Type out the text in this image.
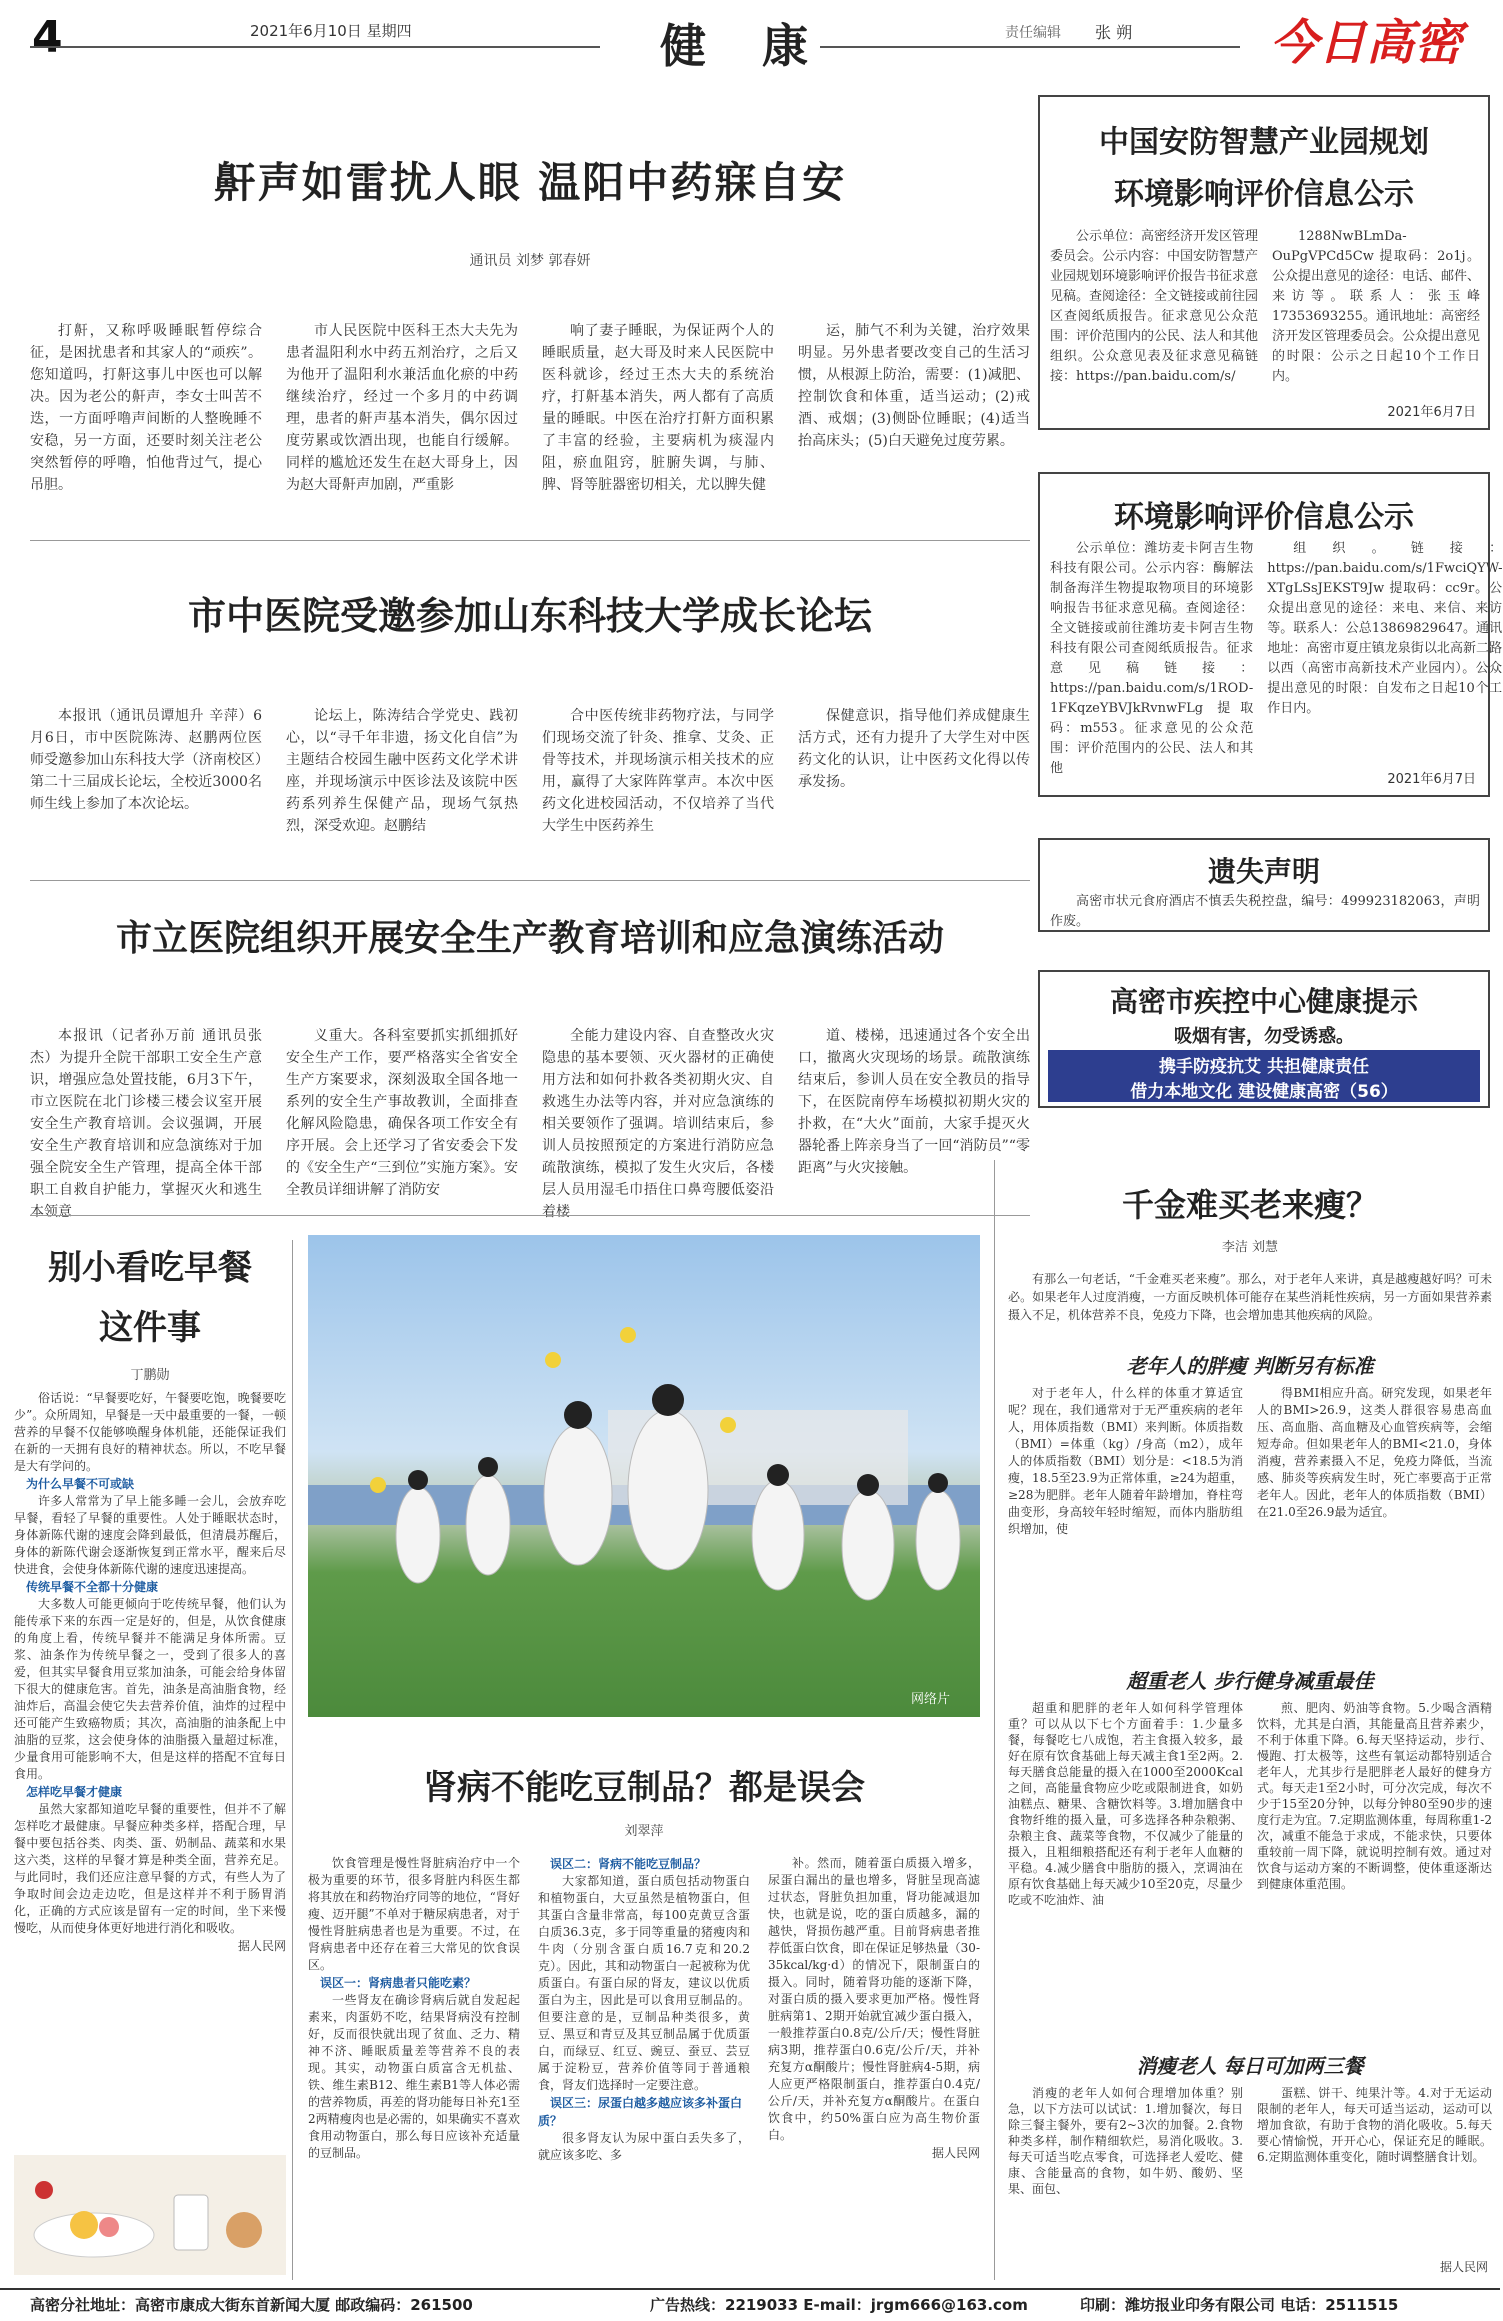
4	2021年6月10日 星期四	健 康	责任编辑 张 朔	今日高密
鼾声如雷扰人眼 温阳中药寐自安
通讯员 刘梦 郭春妍

打鼾，又称呼吸睡眠暂停综合征，是困扰患者和其家人的“顽疾”。您知道吗，打鼾这事儿中医也可以解决。因为老公的鼾声，李女士叫苦不迭，一方面呼噜声间断的人整晚睡不安稳，另一方面，还要时刻关注老公突然暂停的呼噜，怕他背过气，提心吊胆。

市人民医院中医科王杰大夫先为患者温阳利水中药五剂治疗，之后又为他开了温阳利水兼活血化瘀的中药继续治疗，经过一个多月的中药调理，患者的鼾声基本消失，偶尔因过度劳累或饮酒出现，也能自行缓解。同样的尴尬还发生在赵大哥身上，因为赵大哥鼾声加剧，严重影

响了妻子睡眠，为保证两个人的睡眠质量，赵大哥及时来人民医院中医科就诊，经过王杰大夫的系统治疗，打鼾基本消失，两人都有了高质量的睡眠。中医在治疗打鼾方面积累了丰富的经验，主要病机为痰湿内阻，瘀血阻窍，脏腑失调，与肺、脾、肾等脏器密切相关，尤以脾失健

运，肺气不利为关键，治疗效果明显。另外患者要改变自己的生活习惯，从根源上防治，需要：(1)减肥、控制饮食和体重，适当运动；(2)戒酒、戒烟；(3)侧卧位睡眠；(4)适当抬高床头；(5)白天避免过度劳累。

市中医院受邀参加山东科技大学成长论坛

本报讯（通讯员谭旭升 辛萍）6月6日，市中医院陈涛、赵鹏两位医师受邀参加山东科技大学（济南校区）第二十三届成长论坛，全校近3000名师生线上参加了本次论坛。

论坛上，陈涛结合学党史、践初心，以“寻千年非遗，扬文化自信”为主题结合校园生融中医药文化学术讲座，并现场演示中医诊法及该院中医药系列养生保健产品，现场气氛热烈，深受欢迎。赵鹏结

合中医传统非药物疗法，与同学们现场交流了针灸、推拿、艾灸、正骨等技术，并现场演示相关技术的应用，赢得了大家阵阵掌声。本次中医药文化进校园活动，不仅培养了当代大学生中医药养生

保健意识，指导他们养成健康生活方式，还有力提升了大学生对中医药文化的认识，让中医药文化得以传承发扬。

市立医院组织开展安全生产教育培训和应急演练活动

本报讯（记者孙万前 通讯员张杰）为提升全院干部职工安全生产意识，增强应急处置技能，6月3下午，市立医院在北门诊楼三楼会议室开展安全生产教育培训。会议强调，开展安全生产教育培训和应急演练对于加强全院安全生产管理，提高全体干部职工自救自护能力，掌握灭火和逃生本领意

义重大。各科室要抓实抓细抓好安全生产工作，要严格落实全省安全生产方案要求，深刻汲取全国各地一系列的安全生产事故教训，全面排查化解风险隐患，确保各项工作安全有序开展。会上还学习了省安委会下发的《安全生产“三到位”实施方案》。安全教员详细讲解了消防安

全能力建设内容、自查整改火灾隐患的基本要领、灭火器材的正确使用方法和如何扑救各类初期火灾、自救逃生办法等内容，并对应急演练的相关要领作了强调。培训结束后，参训人员按照预定的方案进行消防应急疏散演练，模拟了发生火灾后，各楼层人员用湿毛巾捂住口鼻弯腰低姿沿着楼

道、楼梯，迅速通过各个安全出口，撤离火灾现场的场景。疏散演练结束后，参训人员在安全教员的指导下，在医院南停车场模拟初期火灾的扑救，在“大火”面前，大家手提灭火器轮番上阵亲身当了一回“消防员”“零距离”与火灾接触。

中国安防智慧产业园规划
环境影响评价信息公示

公示单位：高密经济开发区管理委员会。公示内容：中国安防智慧产业园规划环境影响评价报告书征求意见稿。查阅途径：全文链接或前往园区查阅纸质报告。征求意见公众范围：评价范围内的公民、法人和其他组织。公众意见表及征求意见稿链接：https://pan.baidu.com/s/

1288NwBLmDa-OuPgVPCd5Cw 提取码：2o1j。公众提出意见的途径：电话、邮件、来访等。联系人：张玉峰17353693255。通讯地址：高密经济开发区管理委员会。公众提出意见的时限：公示之日起10个工作日内。

2021年6月7日
环境影响评价信息公示

公示单位：潍坊麦卡阿吉生物科技有限公司。公示内容：酶解法制备海洋生物提取物项目的环境影响报告书征求意见稿。查阅途径：全文链接或前往潍坊麦卡阿吉生物科技有限公司查阅纸质报告。征求意见稿链接：https://pan.baidu.com/s/1ROD-1FKqzeYBVJkRvnwFLg 提取码：m553。征求意见的公众范围：评价范围内的公民、法人和其他

组织。链接：https://pan.baidu.com/s/1FwciQYW-XTgLSsJEKST9Jw 提取码：cc9r。公众提出意见的途径：来电、来信、来访等。联系人：公总13869829647。通讯地址：高密市夏庄镇龙泉街以北高新二路以西（高密市高新技术产业园内）。公众提出意见的时限：自发布之日起10个工作日内。

2021年6月7日
遗失声明

高密市状元食府酒店不慎丢失税控盘，编号：499923182063，声明作废。

高密市疾控中心健康提示
吸烟有害，勿受诱惑。
携手防疫抗艾 共担健康责任
借力本地文化 建设健康高密（56）
别小看吃早餐
这件事
丁鹏勋

俗话说：“早餐要吃好，午餐要吃饱，晚餐要吃少”。众所周知，早餐是一天中最重要的一餐，一顿营养的早餐不仅能够唤醒身体机能，还能保证我们在新的一天拥有良好的精神状态。所以，不吃早餐是大有学问的。

为什么早餐不可或缺

许多人常常为了早上能多睡一会儿，会放弃吃早餐，看轻了早餐的重要性。人处于睡眠状态时，身体新陈代谢的速度会降到最低，但清晨苏醒后，身体的新陈代谢会逐渐恢复到正常水平，醒来后尽快进食，会使身体新陈代谢的速度迅速提高。

传统早餐不全都十分健康

大多数人可能更倾向于吃传统早餐，他们认为能传承下来的东西一定是好的，但是，从饮食健康的角度上看，传统早餐并不能满足身体所需。豆浆、油条作为传统早餐之一，受到了很多人的喜爱，但其实早餐食用豆浆加油条，可能会给身体留下很大的健康危害。首先，油条是高油脂食物，经油炸后，高温会使它失去营养价值，油炸的过程中还可能产生致癌物质；其次，高油脂的油条配上中油脂的豆浆，这会使身体的油脂摄入量超过标准，少量食用可能影响不大，但是这样的搭配不宜每日食用。

怎样吃早餐才健康

虽然大家都知道吃早餐的重要性，但并不了解怎样吃才最健康。早餐应种类多样，搭配合理，早餐中要包括谷类、肉类、蛋、奶制品、蔬菜和水果这六类，这样的早餐才算是种类全面，营养充足。与此同时，我们还应注意早餐的方式，有些人为了争取时间会边走边吃，但是这样并不利于肠胃消化，正确的方式应该是留有一定的时间，坐下来慢慢吃，从而使身体更好地进行消化和吸收。

据人民网
网络片
肾病不能吃豆制品？都是误会
刘翠萍

饮食管理是慢性肾脏病治疗中一个极为重要的环节，很多肾脏内科医生都将其放在和药物治疗同等的地位，“肾好瘦、迈开腿”不单对于糖尿病患者，对于慢性肾脏病患者也是为重要。不过，在肾病患者中还存在着三大常见的饮食误区。

误区一：肾病患者只能吃素？

一些肾友在确诊肾病后就自发起起素来，肉蛋奶不吃，结果肾病没有控制好，反而很快就出现了贫血、乏力、精神不济、睡眠质量差等营养不良的表现。其实，动物蛋白质富含无机盐、铁、维生素B12、维生素B1等人体必需的营养物质，再差的肾功能每日补充1至2两精瘦肉也是必需的，如果确实不喜欢食用动物蛋白，那么每日应该补充适量的豆制品。

误区二：肾病不能吃豆制品？

大家都知道，蛋白质包括动物蛋白和植物蛋白，大豆虽然是植物蛋白，但其蛋白含量非常高，每100克黄豆含蛋白质36.3克，多于同等重量的猪瘦肉和牛肉（分别含蛋白质16.7克和20.2克）。因此，其和动物蛋白一起被称为优质蛋白。有蛋白尿的肾友，建议以优质蛋白为主，因此是可以食用豆制品的。但要注意的是，豆制品种类很多，黄豆、黑豆和青豆及其豆制品属于优质蛋白，而绿豆、红豆、豌豆、蚕豆、芸豆属于淀粉豆，营养价值等同于普通粮食，肾友们选择时一定要注意。

误区三：尿蛋白越多越应该多补蛋白质？

很多肾友认为尿中蛋白丢失多了，就应该多吃、多

补。然而，随着蛋白质摄入增多，尿蛋白漏出的量也增多，肾脏呈现高滤过状态，肾脏负担加重，肾功能减退加快，也就是说，吃的蛋白质越多，漏的越快，肾损伤越严重。目前肾病患者推荐低蛋白饮食，即在保证足够热量（30-35kcal/kg·d）的情况下，限制蛋白的摄入。同时，随着肾功能的逐渐下降，对蛋白质的摄入要求更加严格。慢性肾脏病第1、2期开始就宜减少蛋白摄入，一般推荐蛋白0.8克/公斤/天；慢性肾脏病3期，推荐蛋白0.6克/公斤/天，并补充复方α酮酸片；慢性肾脏病4-5期，病人应更严格限制蛋白，推荐蛋白0.4克/公斤/天，并补充复方α酮酸片。在蛋白饮食中，约50%蛋白应为高生物价蛋白。

据人民网
千金难买老来瘦？
李洁 刘慧

有那么一句老话，“千金难买老来瘦”。那么，对于老年人来讲，真是越瘦越好吗？可未必。如果老年人过度消瘦，一方面反映机体可能存在某些消耗性疾病，另一方面如果营养素摄入不足，机体营养不良，免疫力下降，也会增加患其他疾病的风险。

老年人的胖瘦 判断另有标准

对于老年人，什么样的体重才算适宜呢？现在，我们通常对于无严重疾病的老年人，用体质指数（BMI）来判断。体质指数（BMI）=体重（kg）/身高（m2），成年人的体质指数（BMI）划分是：<18.5为消瘦，18.5至23.9为正常体重，≥24为超重，≥28为肥胖。老年人随着年龄增加，脊柱弯曲变形，身高较年轻时缩短，而体内脂肪组织增加，使

得BMI相应升高。研究发现，如果老年人的BMI>26.9，这类人群很容易患高血压、高血脂、高血糖及心血管疾病等，会缩短寿命。但如果老年人的BMI<21.0，身体消瘦，营养素摄入不足，免疫力降低，当流感、肺炎等疾病发生时，死亡率要高于正常老年人。因此，老年人的体质指数（BMI）在21.0至26.9最为适宜。

超重老人 步行健身减重最佳

超重和肥胖的老年人如何科学管理体重？可以从以下七个方面着手：1.少量多餐，每餐吃七八成饱，若主食摄入较多，最好在原有饮食基础上每天减主食1至2两。2.每天膳食总能量的摄入在1000至2000Kcal之间，高能量食物应少吃或限制进食，如奶油糕点、糖果、含糖饮料等。3.增加膳食中食物纤维的摄入量，可多选择各种杂粮粥、杂粮主食、蔬菜等食物，不仅减少了能量的摄入，且粗细粮搭配还有利于老年人血糖的平稳。4.减少膳食中脂肪的摄入，烹调油在原有饮食基础上每天减少10至20克，尽量少吃或不吃油炸、油

煎、肥肉、奶油等食物。5.少喝含酒精饮料，尤其是白酒，其能量高且营养素少，不利于体重下降。6.每天坚持运动，步行、慢跑、打太极等，这些有氧运动都特别适合老年人，尤其步行是肥胖老人最好的健身方式。每天走1至2小时，可分次完成，每次不少于15至20分钟，以每分钟80至90步的速度行走为宜。7.定期监测体重，每周称重1-2次，减重不能急于求成，不能求快，只要体重较前一周下降，就说明控制有效。通过对饮食与运动方案的不断调整，使体重逐渐达到健康体重范围。

消瘦老人 每日可加两三餐

消瘦的老年人如何合理增加体重？别急，以下方法可以试试：1.增加餐次，每日除三餐主餐外，要有2~3次的加餐。2.食物种类多样，制作精细软烂，易消化吸收。3.每天可适当吃点零食，可选择老人爱吃、健康、含能量高的食物，如牛奶、酸奶、坚果、面包、

蛋糕、饼干、纯果汁等。4.对于无运动限制的老年人，每天可适当运动，运动可以增加食欲，有助于食物的消化吸收。5.每天要心情愉悦，开开心心，保证充足的睡眠。6.定期监测体重变化，随时调整膳食计划。

据人民网
高密分社地址：高密市康成大街东首新闻大厦 邮政编码：261500	广告热线：2219033 E-mail：jrgm666@163.com	印刷：潍坊报业印务有限公司 电话：2511515
